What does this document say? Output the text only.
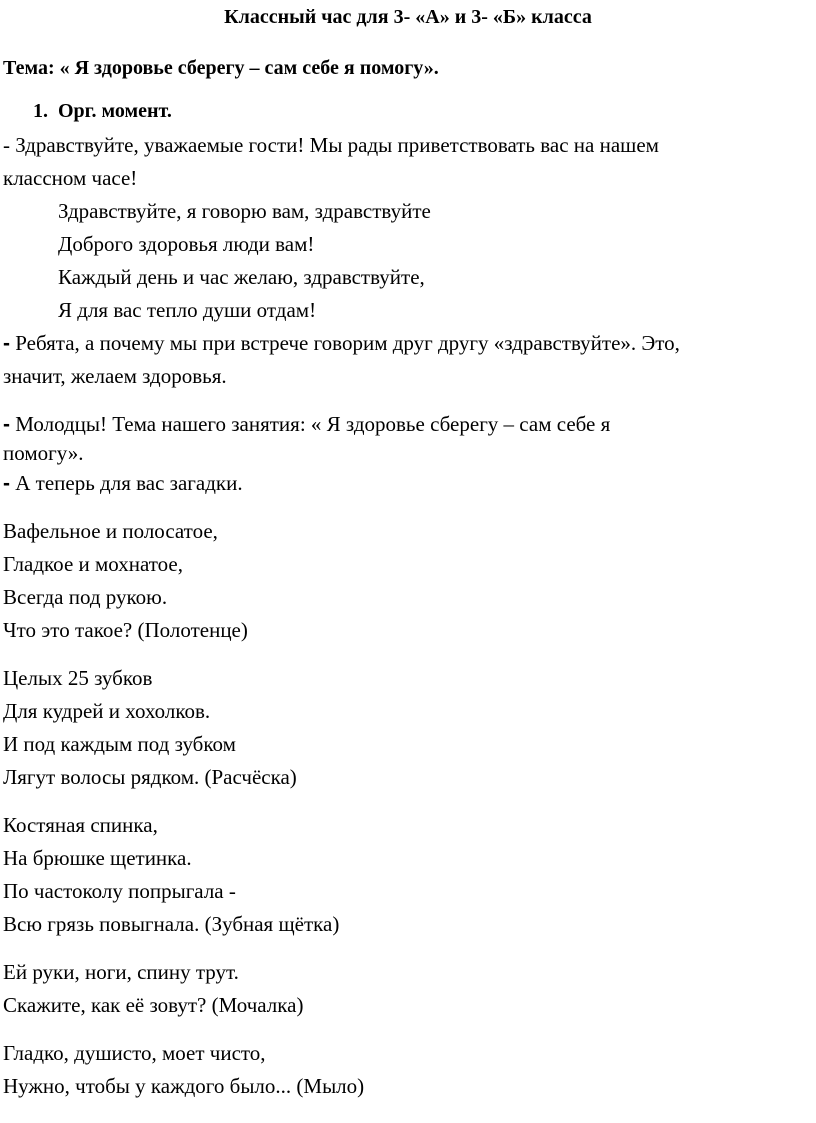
Классный час для 3- «А» и 3- «Б» класса
Тема: « Я здоровье сберегу – сам себе я помогу».
1. Орг. момент.
- Здравствуйте, уважаемые гости! Мы рады приветствовать вас на нашем
классном часе!
Здравствуйте, я говорю вам, здравствуйте
Доброго здоровья люди вам!
Каждый день и час желаю, здравствуйте,
Я для вас тепло души отдам!
- Ребята, а почему мы при встрече говорим друг другу «здравствуйте». Это,
значит, желаем здоровья.
- Молодцы! Тема нашего занятия: « Я здоровье сберегу – сам себе я
помогу».
- А теперь для вас загадки.
Вафельное и полосатое,
Гладкое и мохнатое,
Всегда под рукою.
Что это такое? (Полотенце)
Целых 25 зубков
Для кудрей и хохолков.
И под каждым под зубком
Лягут волосы рядком. (Расчёска)
Костяная спинка,
На брюшке щетинка.
По частоколу попрыгала -
Всю грязь повыгнала. (Зубная щётка)
Ей руки, ноги, спину трут.
Скажите, как её зовут? (Мочалка)
Гладко, душисто, моет чисто,
Нужно, чтобы у каждого было... (Мыло)
